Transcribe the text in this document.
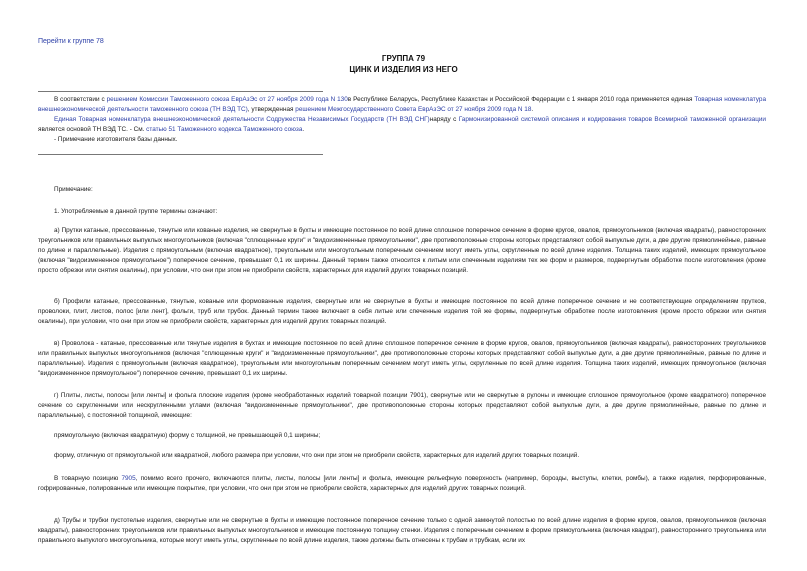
Перейти к группе 78
ГРУППА 79
ЦИНК И ИЗДЕЛИЯ ИЗ НЕГО

В соответствии с решением Комиссии Таможенного союза ЕврАзЭс от 27 ноября 2009 года N 130в Республике Беларусь, Республике Казахстан и Российской Федерации с 1 января 2010 года применяется единая Товарная номенклатура внешнеэкономической деятельности таможенного союза (ТН ВЭД ТС), утвержденная решением Межгосударственного Совета ЕврАзЭС от 27 ноября 2009 года N 18.

Единая Товарная номенклатура внешнеэкономической деятельности Содружества Независимых Государств (ТН ВЭД СНГ)наряду с Гармонизированной системой описания и кодирования товаров Всемирной таможенной организации является основой ТН ВЭД ТС. - См. статью 51 Таможенного кодекса Таможенного союза.

- Примечание изготовителя базы данных.

Примечание:

1. Употребляемые в данной группе термины означают:

а) Прутки катаные, прессованные, тянутые или кованые изделия, не свернутые в бухты и имеющие постоянное по всей длине сплошное поперечное сечение в форме кругов, овалов, прямоугольников (включая квадраты), равносторонних треугольников или правильных выпуклых многоугольников (включая "сплющенные круги" и "видоизмененные прямоугольники", две противоположные стороны которых представляют собой выпуклые дуги, а две другие прямолинейные, равные по длине и параллельные). Изделия с прямоугольным (включая квадратное), треугольным или многоугольным поперечным сечением могут иметь углы, скругленные по всей длине изделия. Толщина таких изделий, имеющих прямоугольное (включая "видоизмененное прямоугольное") поперечное сечение, превышает 0,1 их ширины. Данный термин также относится к литым или спеченным изделиям тех же форм и размеров, подвергнутым обработке после изготовления (кроме просто обрезки или снятия окалины), при условии, что они при этом не приобрели свойств, характерных для изделий других товарных позиций.

б) Профили катаные, прессованные, тянутые, кованые или формованные изделия, свернутые или не свернутые в бухты и имеющие постоянное по всей длине поперечное сечение и не соответствующие определениям прутков, проволоки, плит, листов, полос [или лент], фольги, труб или трубок. Данный термин также включает в себя литые или спеченные изделия той же формы, подвергнутые обработке после изготовления (кроме просто обрезки или снятия окалины), при условии, что они при этом не приобрели свойств, характерных для изделий других товарных позиций.

в) Проволока - катаные, прессованные или тянутые изделия в бухтах и имеющие постоянное по всей длине сплошное поперечное сечение в форме кругов, овалов, прямоугольников (включая квадраты), равносторонних треугольников или правильных выпуклых многоугольников (включая "сплющенные круги" и "видоизмененные прямоугольники", две противоположные стороны которых представляют собой выпуклые дуги, а две другие прямолинейные, равные по длине и параллельные). Изделия с прямоугольным (включая квадратное), треугольным или многоугольным поперечным сечением могут иметь углы, скругленные по всей длине изделия. Толщина таких изделий, имеющих прямоугольное (включая "видоизмененное прямоугольное") поперечное сечение, превышает 0,1 их ширины.

г) Плиты, листы, полосы [или ленты] и фольга плоские изделия (кроме необработанных изделий товарной позиции 7901), свернутые или не свернутые в рулоны и имеющие сплошное прямоугольное (кроме квадратного) поперечное сечение со скругленными или нескругленными углами (включая "видоизмененные прямоугольники", две противоположные стороны которых представляют собой выпуклые дуги, а две другие прямолинейные, равные по длине и параллельные), с постоянной толщиной, имеющие:

прямоугольную (включая квадратную) форму с толщиной, не превышающей 0,1 ширины;

форму, отличную от прямоугольной или квадратной, любого размера при условии, что они при этом не приобрели свойств, характерных для изделий других товарных позиций.

В товарную позицию 7905, помимо всего прочего, включаются плиты, листы, полосы [или ленты] и фольга, имеющие рельефную поверхность (например, борозды, выступы, клетки, ромбы), а также изделия, перфорированные, гофрированные, полированные или имеющие покрытие, при условии, что они при этом не приобрели свойств, характерных для изделий других товарных позиций.

д) Трубы и трубки пустотелые изделия, свернутые или не свернутые в бухты и имеющие постоянное поперечное сечение только с одной замкнутой полостью по всей длине изделия в форме кругов, овалов, прямоугольников (включая квадраты), равносторонних треугольников или правильных выпуклых многоугольников и имеющие постоянную толщину стенки. Изделия с поперечным сечением в форме прямоугольника (включая квадрат), равностороннего треугольника или правильного выпуклого многоугольника, которые могут иметь углы, скругленные по всей длине изделия, также должны быть отнесены к трубам и трубкам, если их
